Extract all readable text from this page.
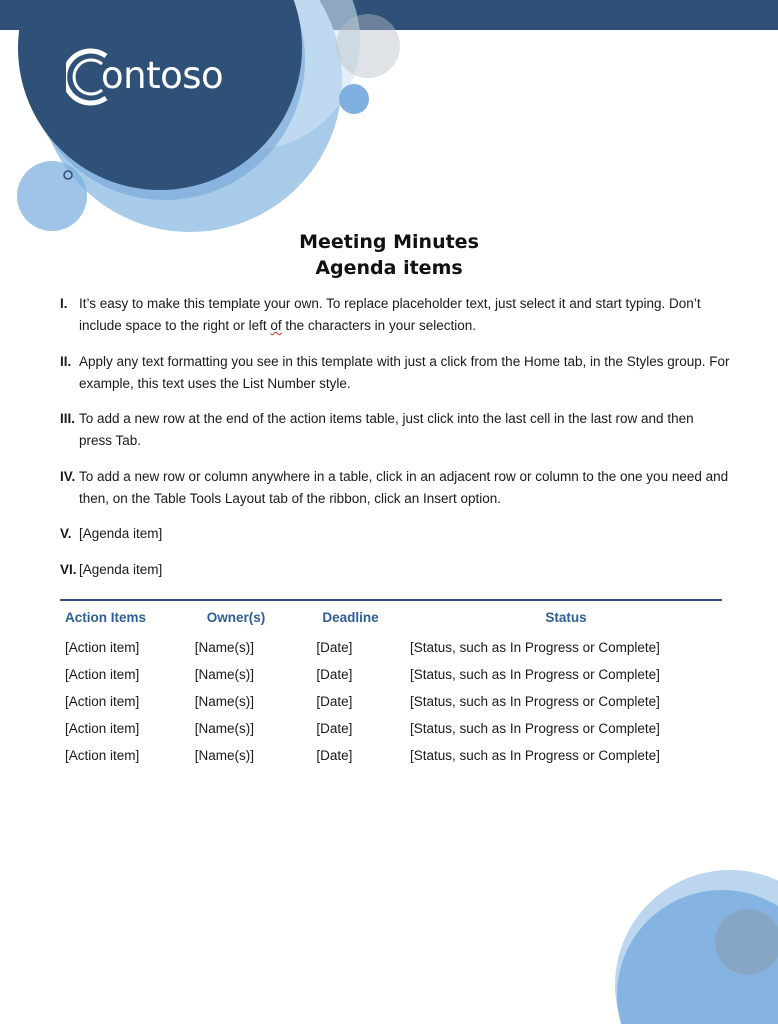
ontoso
Meeting Minutes
Agenda items
I. It’s easy to make this template your own. To replace placeholder text, just select it and start typing. Don’t include space to the right or left of the characters in your selection.
II. Apply any text formatting you see in this template with just a click from the Home tab, in the Styles group. For example, this text uses the List Number style.
III. To add a new row at the end of the action items table, just click into the last cell in the last row and then press Tab.
IV. To add a new row or column anywhere in a table, click in an adjacent row or column to the one you need and then, on the Table Tools Layout tab of the ribbon, click an Insert option.
V. [Agenda item]
VI. [Agenda item]
Action Items	Owner(s)	Deadline	Status
[Action item]	[Name(s)]	[Date]	[Status, such as In Progress or Complete]
[Action item]	[Name(s)]	[Date]	[Status, such as In Progress or Complete]
[Action item]	[Name(s)]	[Date]	[Status, such as In Progress or Complete]
[Action item]	[Name(s)]	[Date]	[Status, such as In Progress or Complete]
[Action item]	[Name(s)]	[Date]	[Status, such as In Progress or Complete]
